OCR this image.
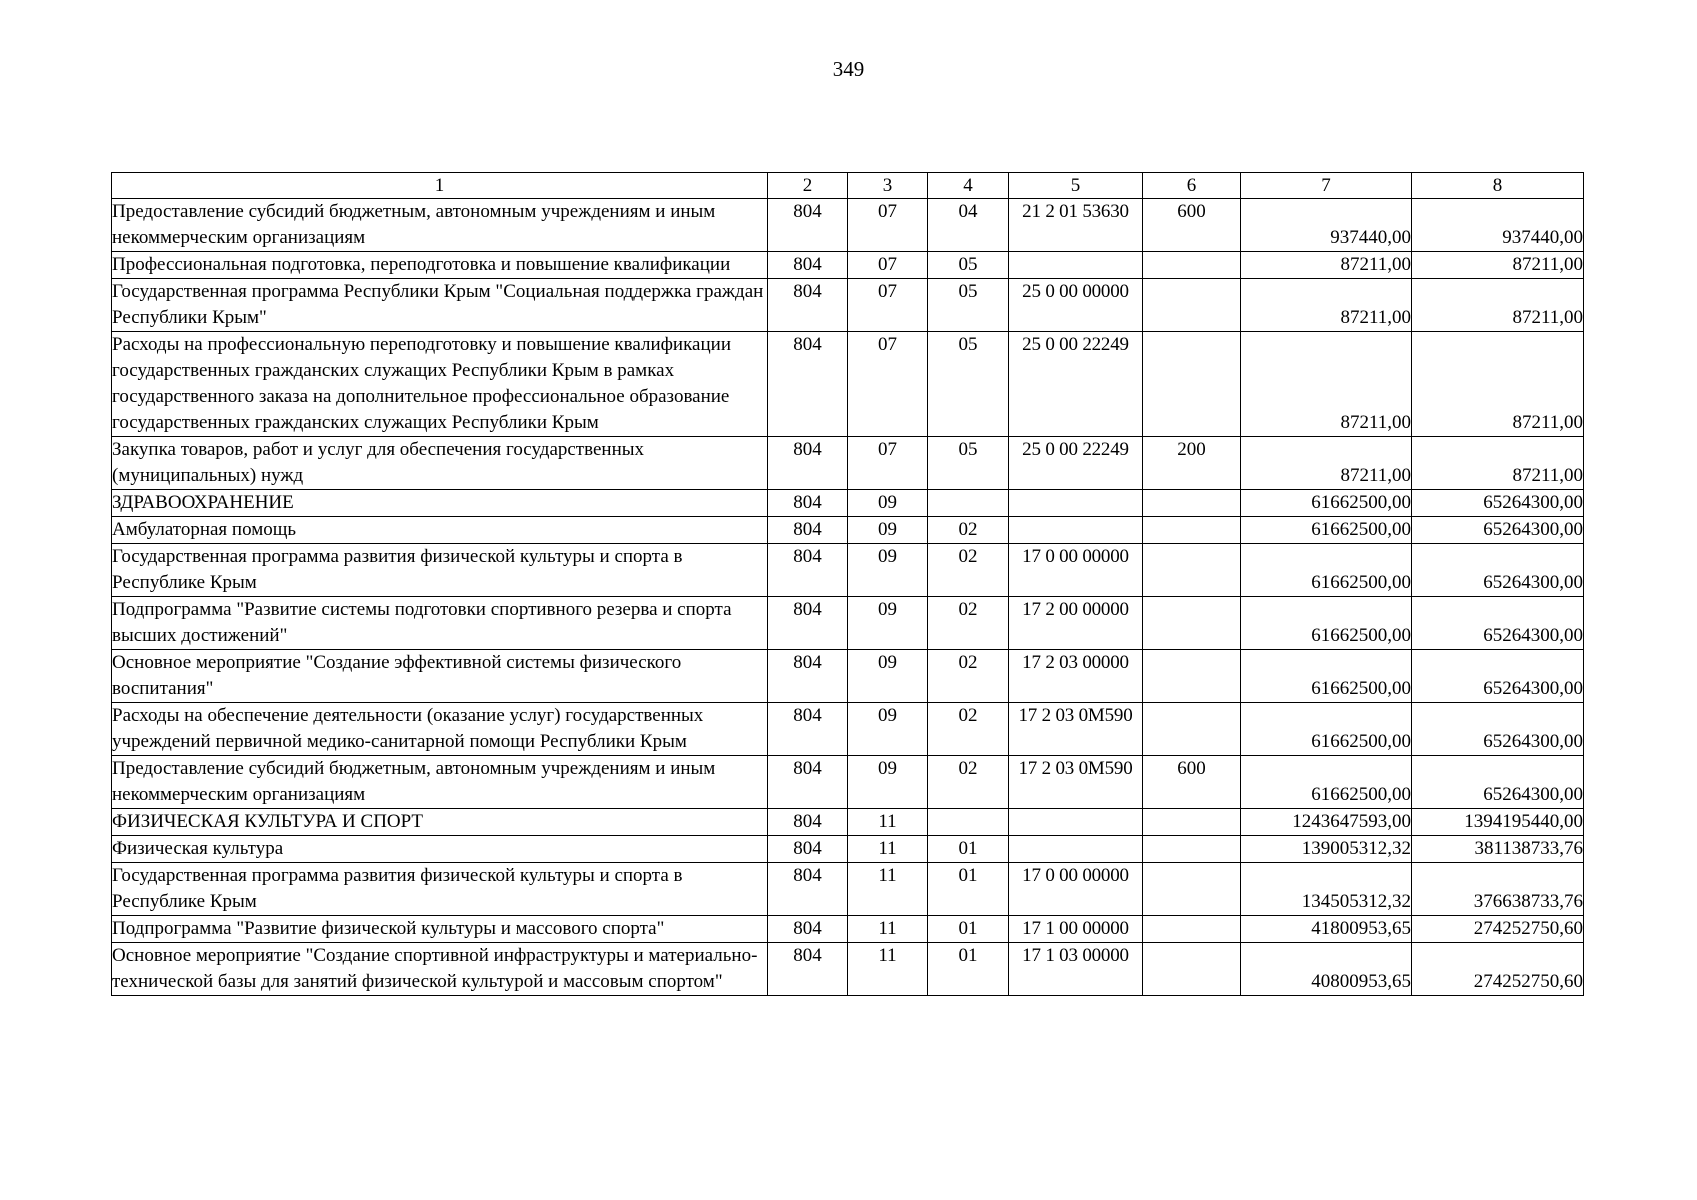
349
1	2	3	4	5	6	7	8
Предоставление субсидий бюджетным, автономным учреждениям и иным некоммерческим организациям	804	07	04	21 2 01 53630	600	937440,00	937440,00
Профессиональная подготовка, переподготовка и повышение квалификации	804	07	05			87211,00	87211,00
Государственная программа Республики Крым "Социальная поддержка граждан Республики Крым"	804	07	05	25 0 00 00000		87211,00	87211,00
Расходы на профессиональную переподготовку и повышение квалификации государственных гражданских служащих Республики Крым в рамках государственного заказа на дополнительное профессиональное образование государственных гражданских служащих Республики Крым	804	07	05	25 0 00 22249		87211,00	87211,00
Закупка товаров, работ и услуг для обеспечения государственных (муниципальных) нужд	804	07	05	25 0 00 22249	200	87211,00	87211,00
ЗДРАВООХРАНЕНИЕ	804	09				61662500,00	65264300,00
Амбулаторная помощь	804	09	02			61662500,00	65264300,00
Государственная программа развития физической культуры и спорта в Республике Крым	804	09	02	17 0 00 00000		61662500,00	65264300,00
Подпрограмма "Развитие системы подготовки спортивного резерва и спорта высших достижений"	804	09	02	17 2 00 00000		61662500,00	65264300,00
Основное мероприятие "Создание эффективной системы физического воспитания"	804	09	02	17 2 03 00000		61662500,00	65264300,00
Расходы на обеспечение деятельности (оказание услуг) государственных учреждений первичной медико-санитарной помощи Республики Крым	804	09	02	17 2 03 0М590		61662500,00	65264300,00
Предоставление субсидий бюджетным, автономным учреждениям и иным некоммерческим организациям	804	09	02	17 2 03 0М590	600	61662500,00	65264300,00
ФИЗИЧЕСКАЯ КУЛЬТУРА И СПОРТ	804	11				1243647593,00	1394195440,00
Физическая культура	804	11	01			139005312,32	381138733,76
Государственная программа развития физической культуры и спорта в Республике Крым	804	11	01	17 0 00 00000		134505312,32	376638733,76
Подпрограмма "Развитие физической культуры и массового спорта"	804	11	01	17 1 00 00000		41800953,65	274252750,60
Основное мероприятие "Создание спортивной инфраструктуры и материально-технической базы для занятий физической культурой и массовым спортом"	804	11	01	17 1 03 00000		40800953,65	274252750,60
